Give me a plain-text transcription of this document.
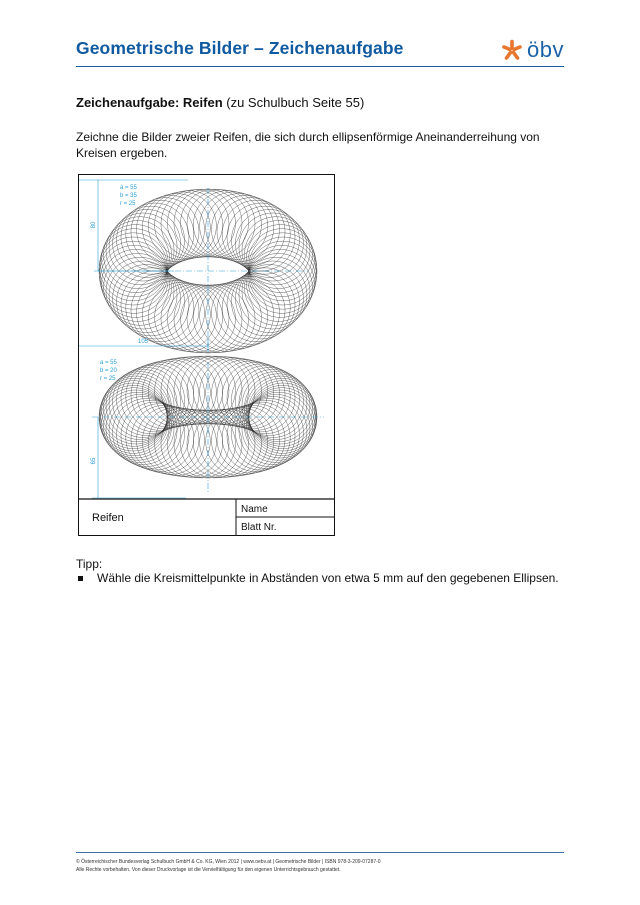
Geometrische Bilder – Zeichenaufgabe	öbv
Zeichenaufgabe: Reifen (zu Schulbuch Seite 55)
Zeichne die Bilder zweier Reifen, die sich durch ellipsenförmige Aneinanderreihung von Kreisen ergeben.
a = 55
b = 35
r = 25
80
105
a = 55
b = 20
r = 25
65
Reifen
Name
Blatt Nr.
Tipp:
Wähle die Kreismittelpunkte in Abständen von etwa 5 mm auf den gegebenen Ellipsen.
© Österreichischer Bundesverlag Schulbuch GmbH & Co. KG, Wien 2012 | www.oebv.at | Geometrische Bilder | ISBN 978-3-209-07287-0
Alle Rechte vorbehalten. Von dieser Druckvorlage ist die Vervielfältigung für den eigenen Unterrichtsgebrauch gestattet.
